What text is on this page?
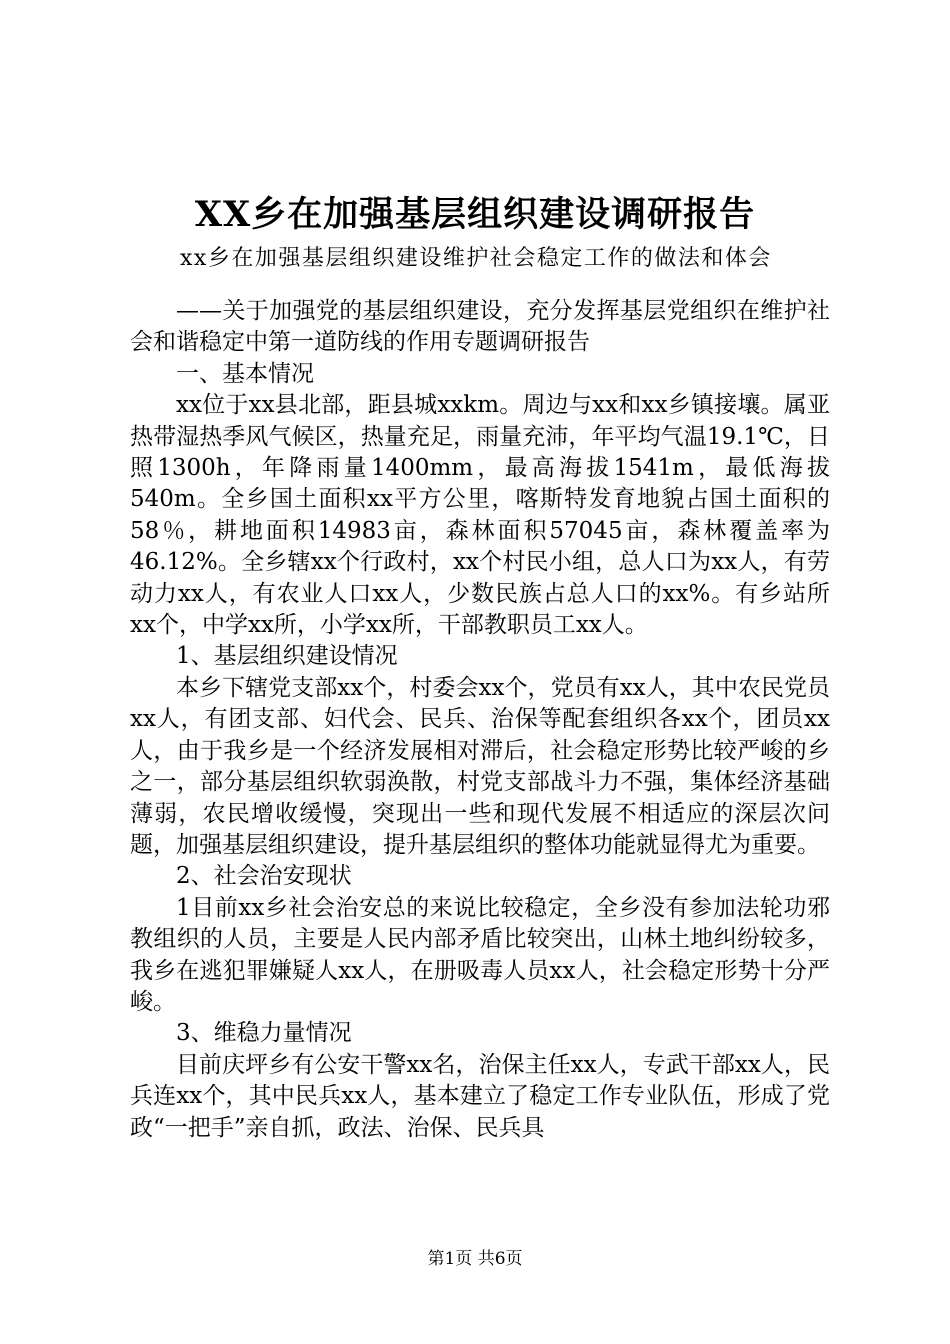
XX乡在加强基层组织建设调研报告
xx乡在加强基层组织建设维护社会稳定工作的做法和体会

——关于加强党的基层组织建设，充分发挥基层党组织在维护社会和谐稳定中第一道防线的作用专题调研报告

一、基本情况

xx位于xx县北部，距县城xxkm。周边与xx和xx乡镇接壤。属亚热带湿热季风气候区，热量充足，雨量充沛，年平均气温19.1℃，日照1300h，年降雨量1400mm，最高海拔1541m，最低海拔540m。全乡国土面积xx平方公里，喀斯特发育地貌占国土面积的58％，耕地面积14983亩，森林面积57045亩，森林覆盖率为46.12%。全乡辖xx个行政村，xx个村民小组，总人口为xx人，有劳动力xx人，有农业人口xx人，少数民族占总人口的xx%。有乡站所xx个，中学xx所，小学xx所，干部教职员工xx人。

1、基层组织建设情况

本乡下辖党支部xx个，村委会xx个，党员有xx人，其中农民党员xx人，有团支部、妇代会、民兵、治保等配套组织各xx个，团员xx人，由于我乡是一个经济发展相对滞后，社会稳定形势比较严峻的乡之一，部分基层组织软弱涣散，村党支部战斗力不强，集体经济基础薄弱，农民增收缓慢，突现出一些和现代发展不相适应的深层次问题，加强基层组织建设，提升基层组织的整体功能就显得尤为重要。

2、社会治安现状

1目前xx乡社会治安总的来说比较稳定，全乡没有参加法轮功邪教组织的人员，主要是人民内部矛盾比较突出，山林土地纠纷较多，我乡在逃犯罪嫌疑人xx人，在册吸毒人员xx人，社会稳定形势十分严峻。

3、维稳力量情况

目前庆坪乡有公安干警xx名，治保主任xx人，专武干部xx人，民兵连xx个，其中民兵xx人，基本建立了稳定工作专业队伍，形成了党政“一把手”亲自抓，政法、治保、民兵具

第1页 共6页
